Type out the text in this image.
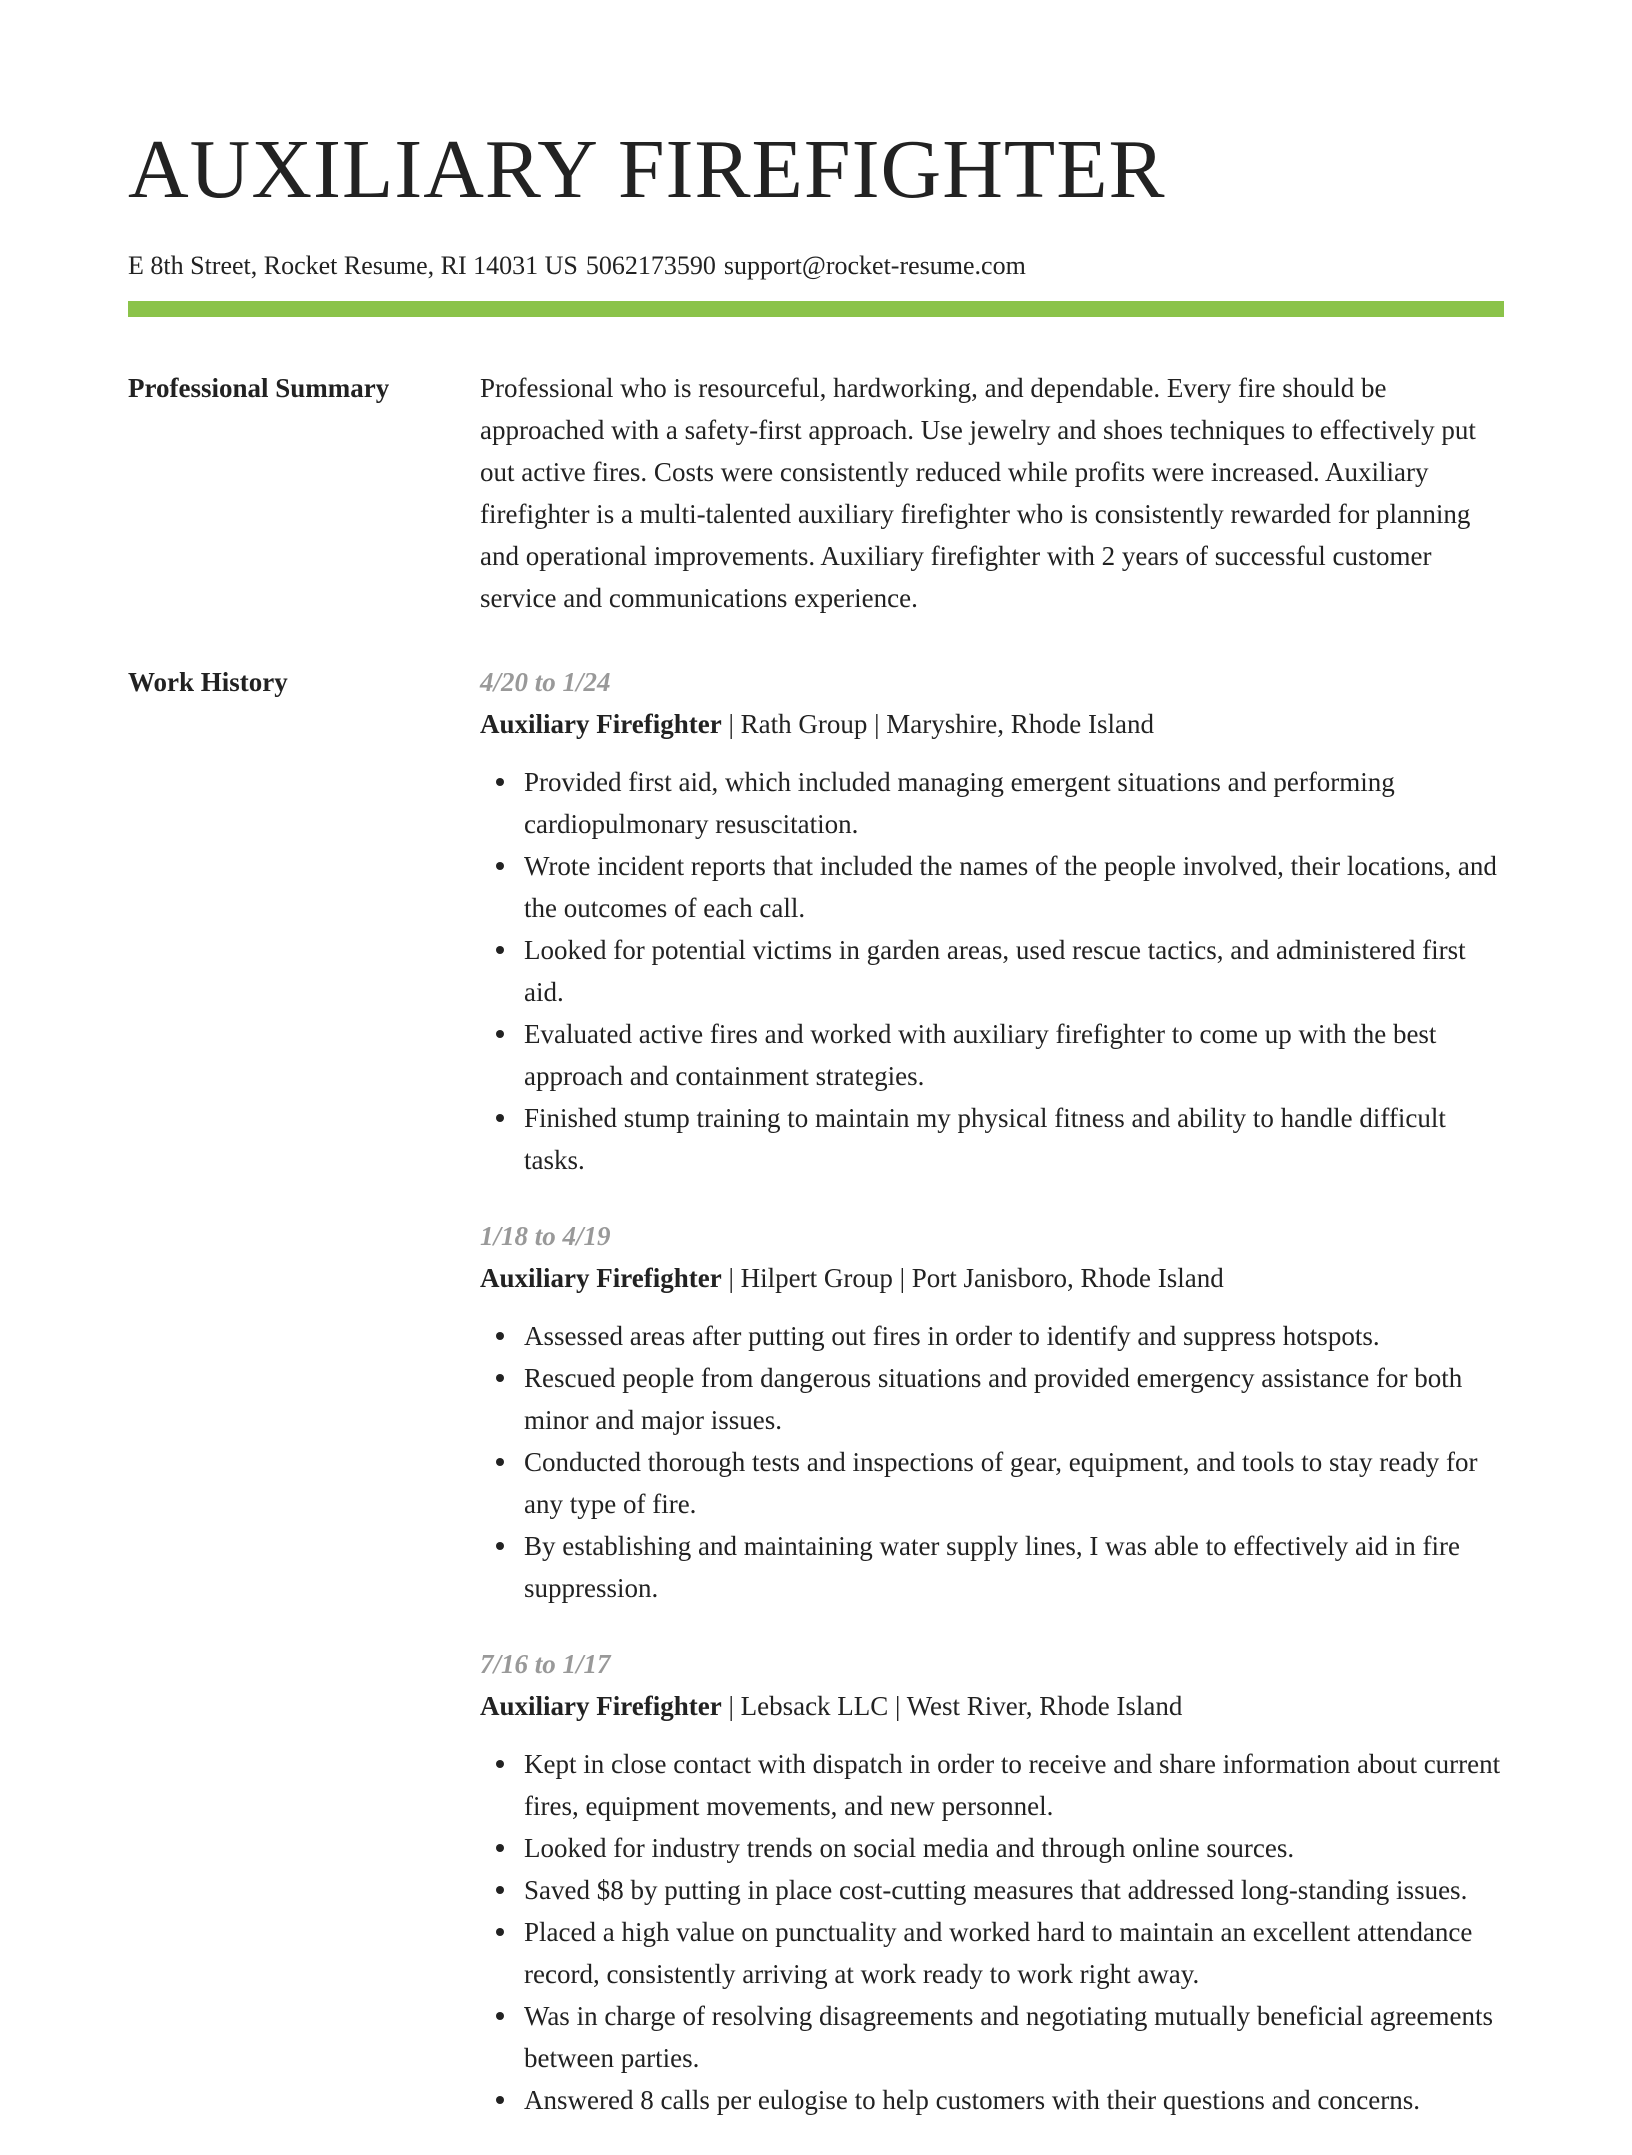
AUXILIARY FIREFIGHTER
E 8th Street, Rocket Resume, RI 14031 US 5062173590 support@rocket-resume.com
Professional Summary	Professional who is resourceful, hardworking, and dependable. Every fire should be approached with a safety-first approach. Use jewelry and shoes techniques to effectively put out active fires. Costs were consistently reduced while profits were increased. Auxiliary firefighter is a multi-talented auxiliary firefighter who is consistently rewarded for planning and operational improvements. Auxiliary firefighter with 2 years of successful customer service and communications experience.

Work History	4/20 to 1/24
Auxiliary Firefighter | Rath Group | Maryshire, Rhode Island
Provided first aid, which included managing emergent situations and performing cardiopulmonary resuscitation.
Wrote incident reports that included the names of the people involved, their locations, and the outcomes of each call.
Looked for potential victims in garden areas, used rescue tactics, and administered first aid.
Evaluated active fires and worked with auxiliary firefighter to come up with the best approach and containment strategies.
Finished stump training to maintain my physical fitness and ability to handle difficult tasks.
1/18 to 4/19
Auxiliary Firefighter | Hilpert Group | Port Janisboro, Rhode Island
Assessed areas after putting out fires in order to identify and suppress hotspots.
Rescued people from dangerous situations and provided emergency assistance for both minor and major issues.
Conducted thorough tests and inspections of gear, equipment, and tools to stay ready for any type of fire.
By establishing and maintaining water supply lines, I was able to effectively aid in fire suppression.
7/16 to 1/17
Auxiliary Firefighter | Lebsack LLC | West River, Rhode Island
Kept in close contact with dispatch in order to receive and share information about current fires, equipment movements, and new personnel.
Looked for industry trends on social media and through online sources.
Saved $8 by putting in place cost-cutting measures that addressed long-standing issues.
Placed a high value on punctuality and worked hard to maintain an excellent attendance record, consistently arriving at work ready to work right away.
Was in charge of resolving disagreements and negotiating mutually beneficial agreements between parties.
Answered 8 calls per eulogise to help customers with their questions and concerns.
